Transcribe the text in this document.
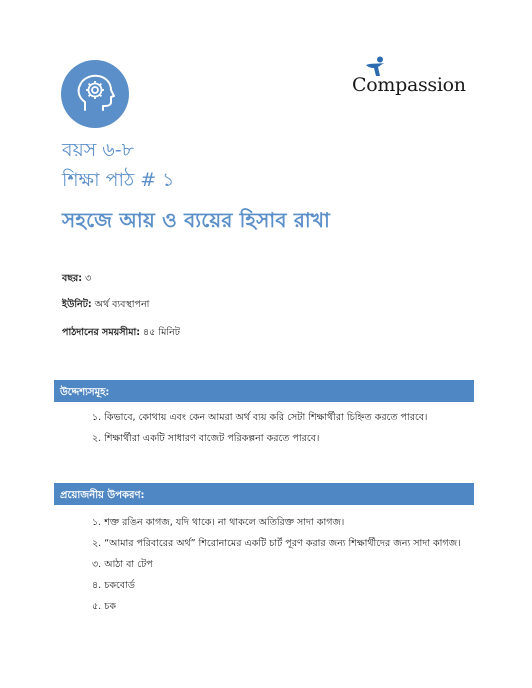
Compassion
বয়স ৬-৮
শিক্ষা পাঠ # ১
সহজে আয় ও ব্যয়ের হিসাব রাখা
বছর: ৩
ইউনিট: অর্থ ব্যবস্থাপনা
পাঠদানের সময়সীমা: ৪৫ মিনিট
উদ্দেশ্যসমূহ:
১. কিভাবে, কোথায় এবং কেন আমরা অর্থ ব্যয় করি সেটা শিক্ষার্থীরা চিহ্নিত করতে পারবে।
২. শিক্ষার্থীরা একটি সাধারণ বাজেট পরিকল্পনা করতে পারবে।
প্রয়োজনীয় উপকরণ:
১. শক্ত রঙিন কাগজ, যদি থাকে। না থাকলে অতিরিক্ত সাদা কাগজ।
২. “আমার পরিবারের অর্থ” শিরোনামের একটি চার্ট পূরণ করার জন্য শিক্ষার্থীদের জন্য সাদা কাগজ।
৩. আঠা বা টেপ
৪. চকবোর্ড
৫. চক
